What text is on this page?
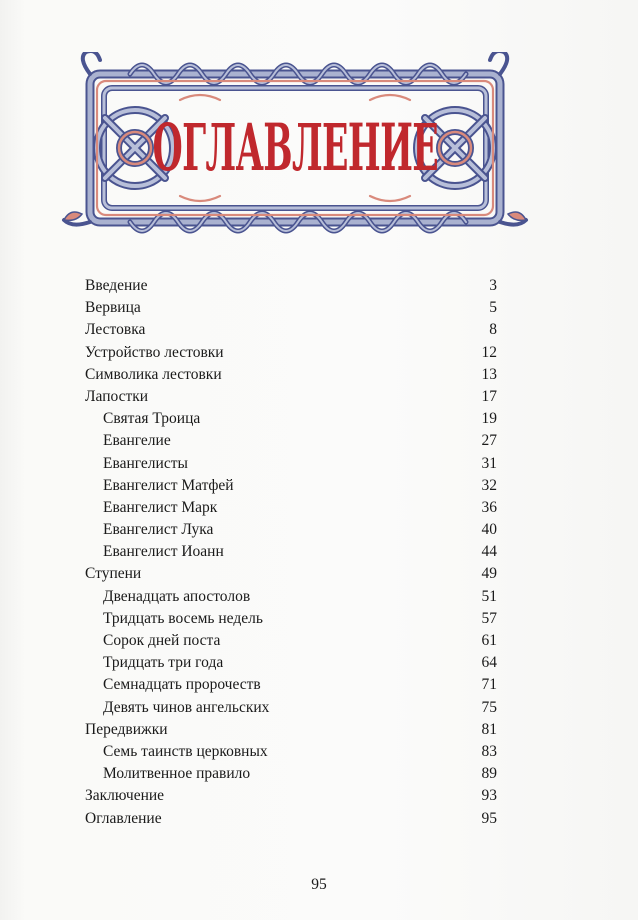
ОГЛАВЛЕНИЕ
Введение	3
Вервица	5
Лестовка	8
Устройство лестовки	12
Символика лестовки	13
Лапостки	17
Святая Троица	19
Евангелие	27
Евангелисты	31
Евангелист Матфей	32
Евангелист Марк	36
Евангелист Лука	40
Евангелист Иоанн	44
Ступени	49
Двенадцать апостолов	51
Тридцать восемь недель	57
Сорок дней поста	61
Тридцать три года	64
Семнадцать пророчеств	71
Девять чинов ангельских	75
Передвижки	81
Семь таинств церковных	83
Молитвенное правило	89
Заключение	93
Оглавление	95
95
